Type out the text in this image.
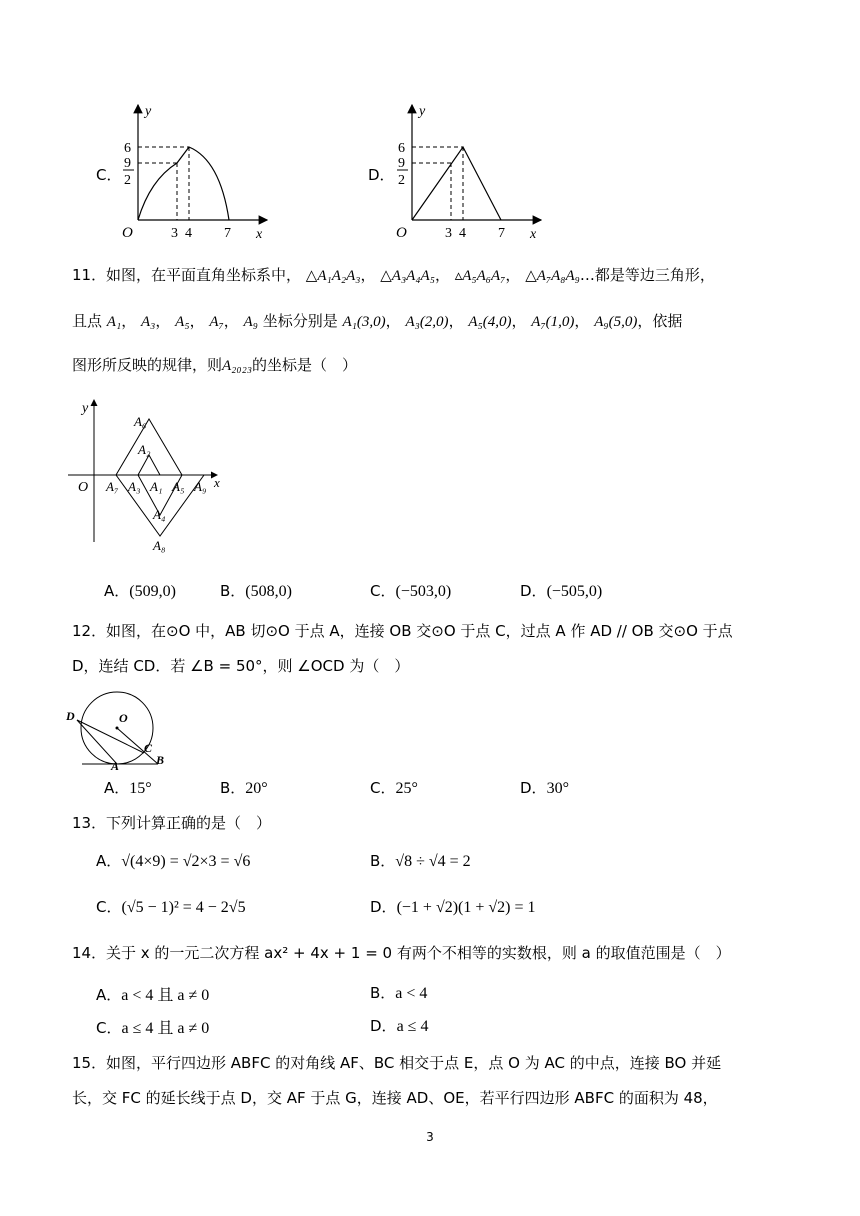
C．
y
x
O
6
9
2
3 4 7
D．
y
x
O
6
9
2
3 4 7
11． 如图，在平面直角坐标系中， △A₁A₂A₃， △A₃A₄A₅， ▵A₅A₆A₇， △A₇A₈A₉…都是等边三角形，
且点 A₁， A₃， A₅， A₇， A₉ 坐标分别是 A₁(3,0)， A₃(2,0)， A₅(4,0)， A₇(1,0)， A₉(5,0)，依据
图形所反映的规律，则A₂₀₂₃的坐标是（　）
y
x
O
A₆
A₂
A₇ A₃ A₁ A₅ A₉
A₄
A₈
A．(509,0)	B．(508,0)	C．(−503,0)	D．(−505,0)
12． 如图，在⊙O 中，AB 切⊙O 于点 A，连接 OB 交⊙O 于点 C，过点 A 作 AD // OB 交⊙O 于点
D，连结 CD．若 ∠B = 50°，则 ∠OCD 为（　）
D	O
C
B
A
A．15°	B．20°	C．25°	D．30°
13． 下列计算正确的是（　）
A．√(4×9) = √2×3 = √6	B．√8 ÷ √4 = 2
C．(√5 − 1)² = 4 − 2√5	D．(−1 + √2)(1 + √2) = 1
14． 关于 x 的一元二次方程 ax² + 4x + 1 = 0 有两个不相等的实数根，则 a 的取值范围是（　）
A．a < 4 且 a ≠ 0	B．a < 4
C．a ≤ 4 且 a ≠ 0	D．a ≤ 4
15． 如图，平行四边形 ABFC 的对角线 AF、BC 相交于点 E，点 O 为 AC 的中点，连接 BO 并延
长，交 FC 的延长线于点 D，交 AF 于点 G，连接 AD、OE，若平行四边形 ABFC 的面积为 48，
3
